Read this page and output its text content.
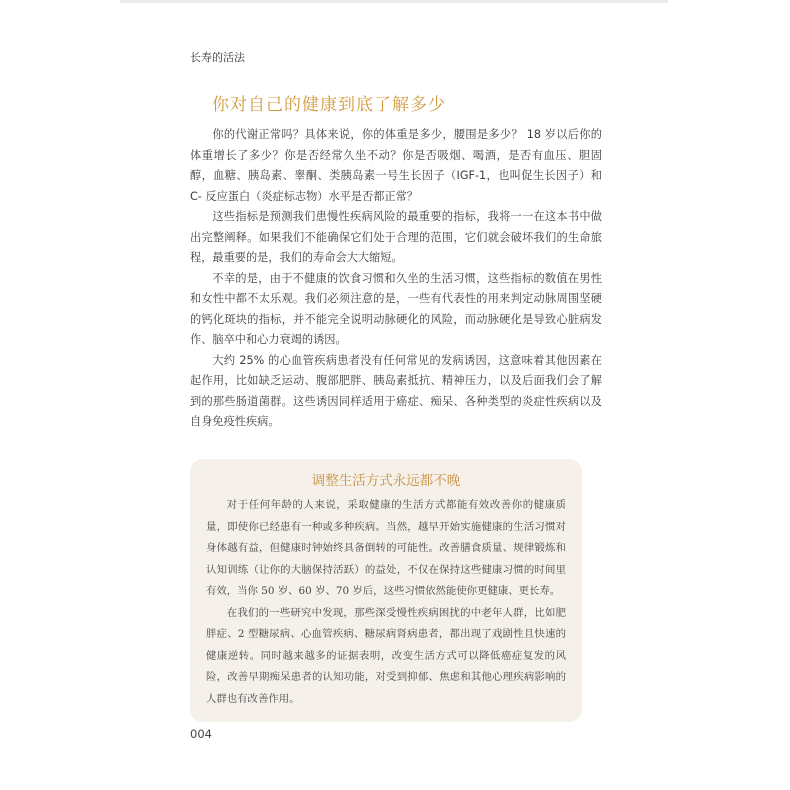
长寿的活法
你对自己的健康到底了解多少

你的代谢正常吗？具体来说，你的体重是多少，腰围是多少？ 18 岁以后你的体重增长了多少？你是否经常久坐不动？你是否吸烟、喝酒，是否有血压、胆固醇，血糖、胰岛素、睾酮、类胰岛素一号生长因子（IGF-1，也叫促生长因子）和 C- 反应蛋白（炎症标志物）水平是否都正常？

这些指标是预测我们患慢性疾病风险的最重要的指标，我将一一在这本书中做出完整阐释。如果我们不能确保它们处于合理的范围，它们就会破坏我们的生命旅程，最重要的是，我们的寿命会大大缩短。

不幸的是，由于不健康的饮食习惯和久坐的生活习惯，这些指标的数值在男性和女性中都不太乐观。我们必须注意的是，一些有代表性的用来判定动脉周围坚硬的钙化斑块的指标，并不能完全说明动脉硬化的风险，而动脉硬化是导致心脏病发作、脑卒中和心力衰竭的诱因。

大约 25% 的心血管疾病患者没有任何常见的发病诱因，这意味着其他因素在起作用，比如缺乏运动、腹部肥胖、胰岛素抵抗、精神压力，以及后面我们会了解到的那些肠道菌群。这些诱因同样适用于癌症、痴呆、各种类型的炎症性疾病以及自身免疫性疾病。

调整生活方式永远都不晚

对于任何年龄的人来说，采取健康的生活方式都能有效改善你的健康质量，即使你已经患有一种或多种疾病。当然，越早开始实施健康的生活习惯对身体越有益，但健康时钟始终具备倒转的可能性。改善膳食质量、规律锻炼和认知训练（让你的大脑保持活跃）的益处，不仅在保持这些健康习惯的时间里有效，当你 50 岁、60 岁、70 岁后，这些习惯依然能使你更健康、更长寿。

在我们的一些研究中发现，那些深受慢性疾病困扰的中老年人群，比如肥胖症、2 型糖尿病、心血管疾病、糖尿病肾病患者，都出现了戏剧性且快速的健康逆转。同时越来越多的证据表明，改变生活方式可以降低癌症复发的风险，改善早期痴呆患者的认知功能，对受到抑郁、焦虑和其他心理疾病影响的人群也有改善作用。

004
